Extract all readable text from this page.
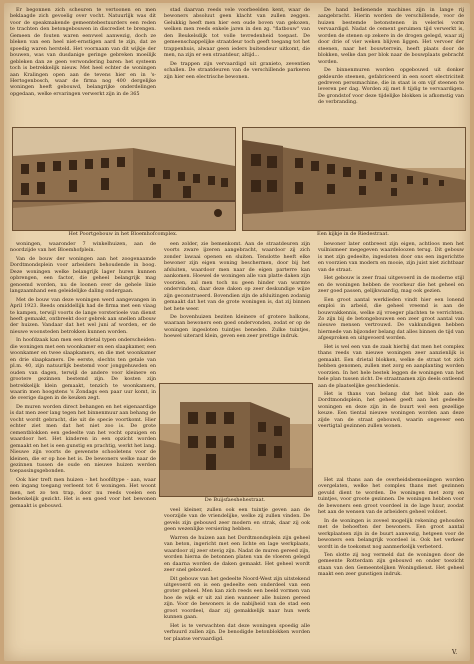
Er begonnen zich scheuren te vertoonen en men beklaagde zich gevoelig over vocht. Natuurlijk was dit voor de speakmakende gemeentebestuurders een reden te trachten den betongebouwen in discrediet te brengen. Gemeen de fouten waren eenvwel aanwezig, doch ze bleken van een heel niet-ernstigen aard te zijn, dat ze spoedig waren hersteld. Het voornaam van dit wijkje der bouwen, was van dusdanige geringe gebreken moeilijk gebleken dan ze geen verwondering baren: het systeem toch is betrekkelijk nieuw. Met heel echter de woningen aan Kralingen open aan de tevens hier en in 's-Hertogenbosch, waar de firma nog 400 dergelijke woningen heeft gebouwd, belangrijke onderdelingen opgedaan, welke ervaringen verwerkt zijn in de 365

stad daarvan reeds vele voorbeelden kent, waar de bewoners absoluut geen klacht van zullen zeggen. Gelukkig heeft men hier een oude boven van gekozen, welken men reeds enkele jaren in den zg. "flatbouw" van den Beukelsdijk tot volle tevredenheid toepast. De gemeenschappelijke straatdeur toch geeft toegang tot het trappenhuis, alwaar geen ieders buitendeur uitkomt, die men, na zijn er een straatdeur, altijd...

De trappen zijn vervaardigd uit granieto, zeventien schallen. De straatdeuren van de verschillende parkeren zijn hier een electrische bewonen.

De hand bedienende machines zijn in lange rij aangebracht. Hierin worden de verschillende, voor de huizen bestemde betonstenen in velerlei vorm vervaardigd. Nadat de cement geruimen tijd verwerkt is, worden de stenen op zekere in de drogen gelegd, waar zij door drie of vier weken blijven liggen. Het vervoer der steenen, naar het bouwterrein, heeft plaats door de blokken, welke dan per blok naar de bouwplaats gebracht worden.

De binnenmuren worden opgebouwd uit donker gekleurde steenen, gefabriceerd in een soort electriciteit gedreven perssmachine, die in staat is om vijf steenen te leveren per dag. Worden zij met 8 tijdig te vervaardigen. De grondstof voor deze tijdelijke blokken is afkomstig van de verbranding.

Het Poortgebouw in het Bloemhofcomplex.	Een kijkje in de Riedestraat.

woningen, waaronder 7 winkelhuizen, aan de noordzijde van het Bloemhofplein.

Van de bouw der woningen aan het zoogenaamde Dordtmondsplein voor arbeiders behoudende in boog. Deze woningen welke belangrijk lager huren kunnen opbrengen, een factor, die geheel belangrijk mag genoemd worden, nu de loonen over de gehele linie langzaamhand een geleidelijke daling ondergaan.

Met de bouw van deze woningen werd aangevangen in April 1923. Reeds omiddellijk had de firma met een viaag te kampen, terwijl voorts de lange vorsterioele van dienst heeft gemaakt, ontbreekt door gebrek aan snellen afbouw der huizen. Vandaar dat het wel juni af worden, er de nieuwe woonsteden betrokken kunnen worden.

In hoofdzaak kan men een drietal typen onderscheiden: die woningen met een woonkamer en een slaapkamer, een woonkamer en twee slaapkamers, en die met woonkamer en drie slaapkamers. De eerste, slechts ten getale van pl.m. 40, zijn natuurlijk bestemd voor jonggehuwden en ouden van dagen, terwijl de andere voor kleinere en grootere gezinnen bestemd zijn. De kosten zijn betrekkelijk klein gemaakt, tenzich te woonkamers, waarin men hoogstens 's Zondags een paar uur komt, in de overige dagen in de keuken zegt.

De muren worden direct behangen en het eigenaardige is dat men zeer lang tegen het binnenmuur aan behang de vocht wordt gebracht, die uit de specie voortkomt. Hier echter ziet men dat het niet zoo is. De grote cementblokken een gedeelte van het vocht opzuigen en waardoor het. Het kinderen in een opzicht worden gemaakt en het is een gunstig en prachtig, werkt het lang. Nieuwe zijn voorts de gewenste schooletens voor de kleinen, die er op hoe het is. De bewoners welke naar de gezinnen tussen de oude en nieuwe huizen werden toepassingsgebonden.

Ook hier treft men huizen - het hoofdtype - aan, waar een ingang toegang verleent tot 6 woningen. Het woont men, net zo ten trap, door nu reeds voelen een bedenkelijk gezicht. Het is een goed voor het bewonen gemaakt is gebouwd.

een zolder, zie bemenkomt. Aan de straatdeuren zijn voorts zware ijzeren aangebracht, waardoor zij zich zonder lawaai openen en sluiten. Tenslotte heeft elke bewoner zijn eigen woning beschermen, door bij het afsluiten, waardoor men naar de eigen parterre kan aankomen. Hoewel de woningen alle van platte daken zijn voorzien, zal men toch nu geen hinder van warmte ondervinden, daar deze daken op zeer deskundige wijze zijn geconstrueerd. Bovendien zijn de afsluitingen zodanig gemaakt dat het van de grote woningen is, dat zij binnen het hete weer.

De bovenhuizen beziten kleinere of grotere balkons, waaraan bewoners een goed ondervonden, zodat er op de woningen ingesloten tuintjes beneden. Zulke tuintjes, hoewel uiterard klein, geven een zeer prettige indruk.

bewoner later ontbreest zijn eigen, achtloos men het vuilnismeer megegeven waardeloozen terug. Dit gebouw is met zijn gedeelte, ingesloten door ons een ingerichtte en voorzien van modern en mooie, zijn juist niet zichtbaar van de straat.

Het gebouw is zeer fraai uitgevoerd in de moderne stijl en de woningen hebben de voorkeur die het geheel en zeer goed passen, gelijkwaardig, mag ook gezien.

Een groot aantal werklieden vindt hier een lonend emploi in arbeid, die geheel vreemd is aan de bouwvakkennis, welke zij vroeger plachten te verrichten. Zo zijn bij de betongebouwen een zeer groot aantal van nieuwe mensen vertrouwd. De vakkundigen hebben hiermede van bijzonder belang dat alles binnen de tijd van afgesproken en uitgevoerd worden.

Het is wel een van de zaak hierbij dat men het complex thans reeds van nieuwe woningen zeer aanzienlijk is gemaakt. Een drietal blokken, welke de straat tot zich hebben genomen, zullen met zorg en aanplanting worden voorzien. In het hele bestek leggen de woningen van het hele plan tussen zicht. De straatnamen zijn deels ontleend aan de plaatselijke geschiedenis.

Het is thans van belang dat het blok aan de Dordtmondsplein, het geheel geeft aan het gedeelte woningen en deze zijn in de buurt wel een gezellige keuze. Een tiental nieuwe woningen worden aan deze zijde van de straat gebouwd, waarin ongeveer een veertigtal gezinnen zullen wonen.

De Buijsfaeshehestraat.

veel kleiner, zullen ook een tuintje geven aan de voorzijde van de vriendelijke, welke zij zullen vinden. De gevels zijn gebouwd zeer modern en strak, daar zij ook geen wezenlijke versiering hebben.

Warren de huizen aan het Dordtmondsplein zijn geheel van beton, ingericht met een lichte en lage werkplaats, waardoor zij zeer stevig zijn. Nadat de muren gereed zijn, worden hierna de betonnen platen van de vloeren gelegd en daarna worden de daken gemaakt. Het geheel wordt zeer snel gebouwd.

Dit gebouw van het gedeelte Noord-West zijn uitstekend uitgevoerd en is een gedeelte een onderdeel van een groter geheel. Men kan zich reeds een beeld vormen van hoe de wijk er uit zal zien wanneer alle huizen gereed zijn. Voor de bewoners is de nabijheid van de stad een groot voordeel, daar zij gemakkelijk naar hun werk kunnen gaan.

Het is te verwachten dat deze woningen spoedig alle verhuurd zullen zijn. De benodigde betonblokken worden ter plaatse vervaardigd.

Het zal thans aan de overheidsbemoeiingen worden overgelaten, welke het complex thans met gezinnen gevuld dient te worden. De woningen met zorg en tuintjes, voor groote gezinnen. De woningen hebben voor de bewoners een groot voordeel in de lage huur, zoodat het aan de wensen van de arbeiders geheel voldoet.

In de woningen is zoveel mogelijk rekening gehouden met de behoeften der bewoners. Een groot aantal werkplaatsen zijn in de buurt aanwezig, hetgeen voor de bewoners een belangrijk voordeel is. Ook het verkeer wordt in de toekomst nog aanmerkelijk verbeterd.

Ten slotte zij nog vermeld dat de woningen door de gemeente Rotterdam zijn gebouwd en onder toezicht staan van den Gemeentelijken Woningdienst. Het geheel maakt een zeer gunstigen indruk.

V.
